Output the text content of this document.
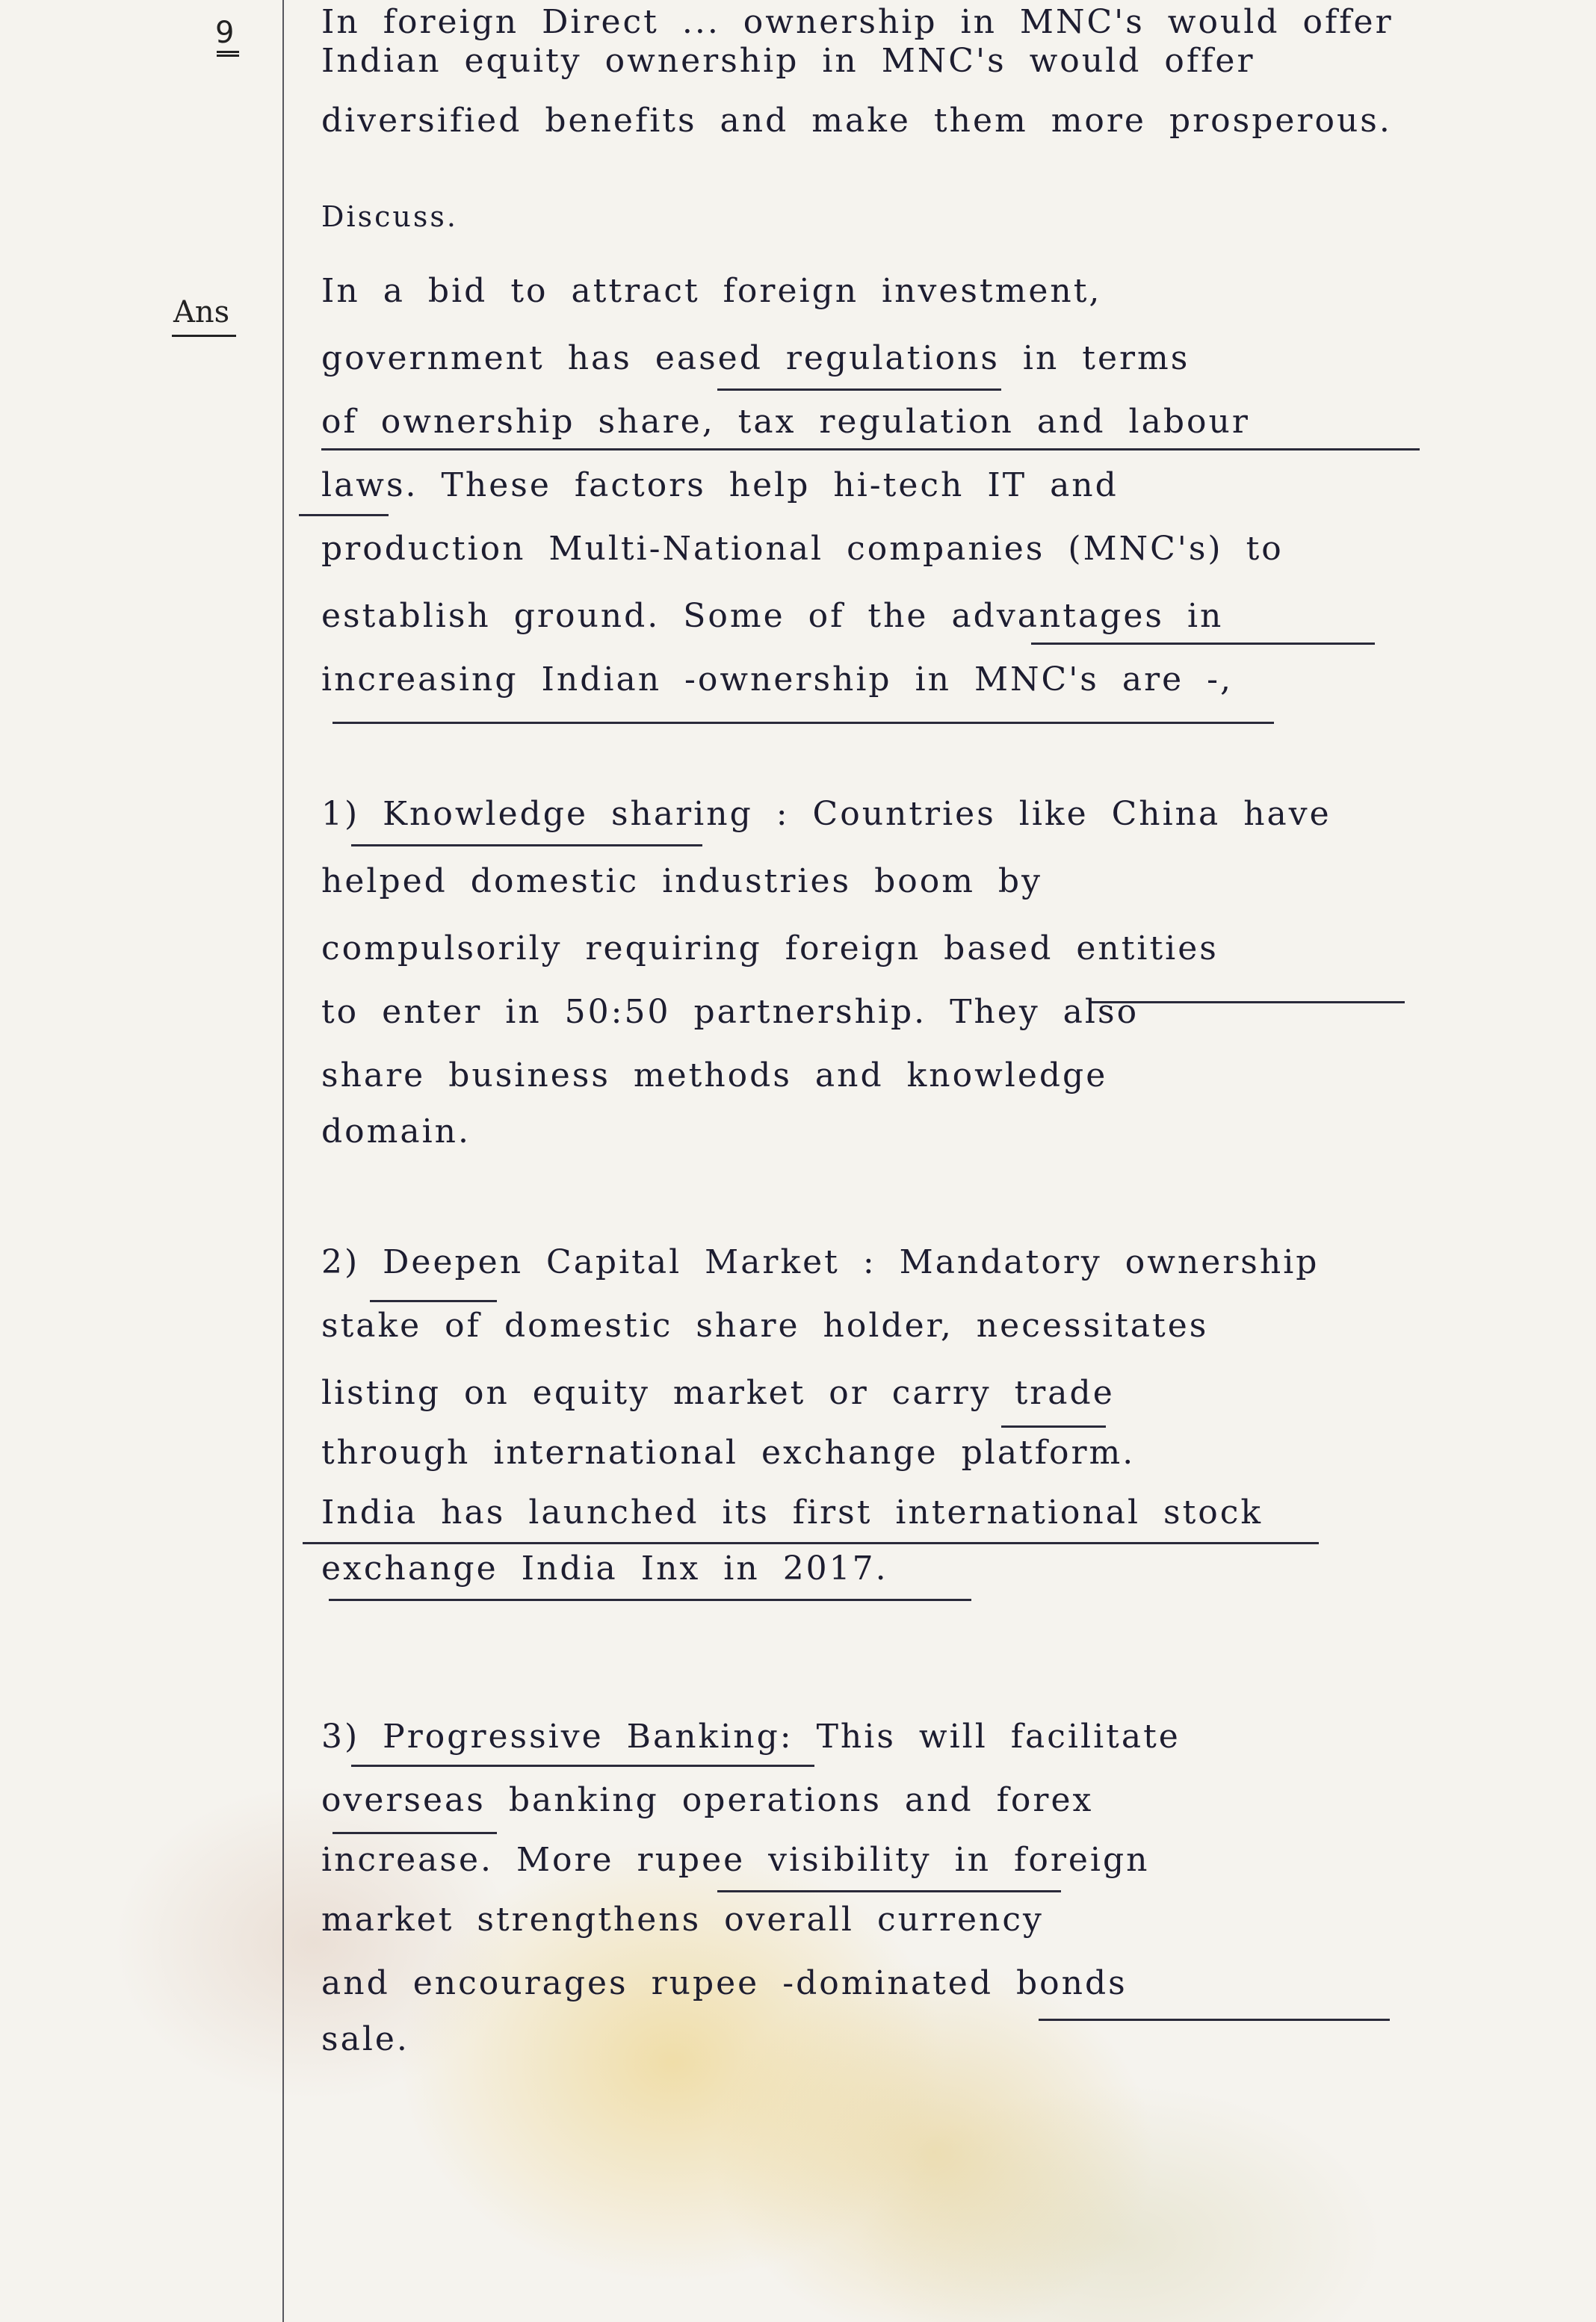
9	In foreign Direct ... ownership in MNC's would offer
Indian equity ownership in MNC's would offer
diversified benefits and make them more prosperous.
Discuss.
Ans
In a bid to attract foreign investment,
government has eased regulations in terms
of ownership share, tax regulation and labour
laws. These factors help hi-tech IT and
production Multi-National companies (MNC's) to
establish ground. Some of the advantages in
increasing Indian -ownership in MNC's are -,
1) Knowledge sharing : Countries like China have
helped domestic industries boom by
compulsorily requiring foreign based entities
to enter in 50:50 partnership. They also
share business methods and knowledge
domain.
2) Deepen Capital Market : Mandatory ownership
stake of domestic share holder, necessitates
listing on equity market or carry trade
through international exchange platform.
India has launched its first international stock
exchange India Inx in 2017.
3) Progressive Banking: This will facilitate
overseas banking operations and forex
increase. More rupee visibility in foreign
market strengthens overall currency
and encourages rupee -dominated bonds
sale.
